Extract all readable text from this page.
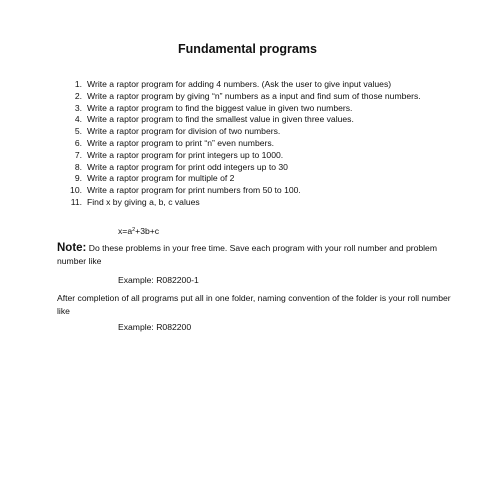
Fundamental programs
1. Write a raptor program for adding 4 numbers. (Ask the user to give input values)
2. Write a raptor program by giving “n” numbers as a input and find sum of those numbers.
3. Write a raptor program to find the biggest value in given two numbers.
4. Write a raptor program to find the smallest value in given three values.
5. Write a raptor program for division of two numbers.
6. Write a raptor program to print “n” even numbers.
7. Write a raptor program for print integers up to 1000.
8. Write a raptor program for print odd integers up to 30
9. Write a raptor program for multiple of 2
10. Write a raptor program for print numbers from 50 to 100.
11. Find x by giving a, b, c values
$x=a^2+3b+c$
Note: Do these problems in your free time. Save each program with your roll number and problem number like
Example: R082200-1
After completion of all programs put all in one folder, naming convention of the folder is your roll number like
Example: R082200
